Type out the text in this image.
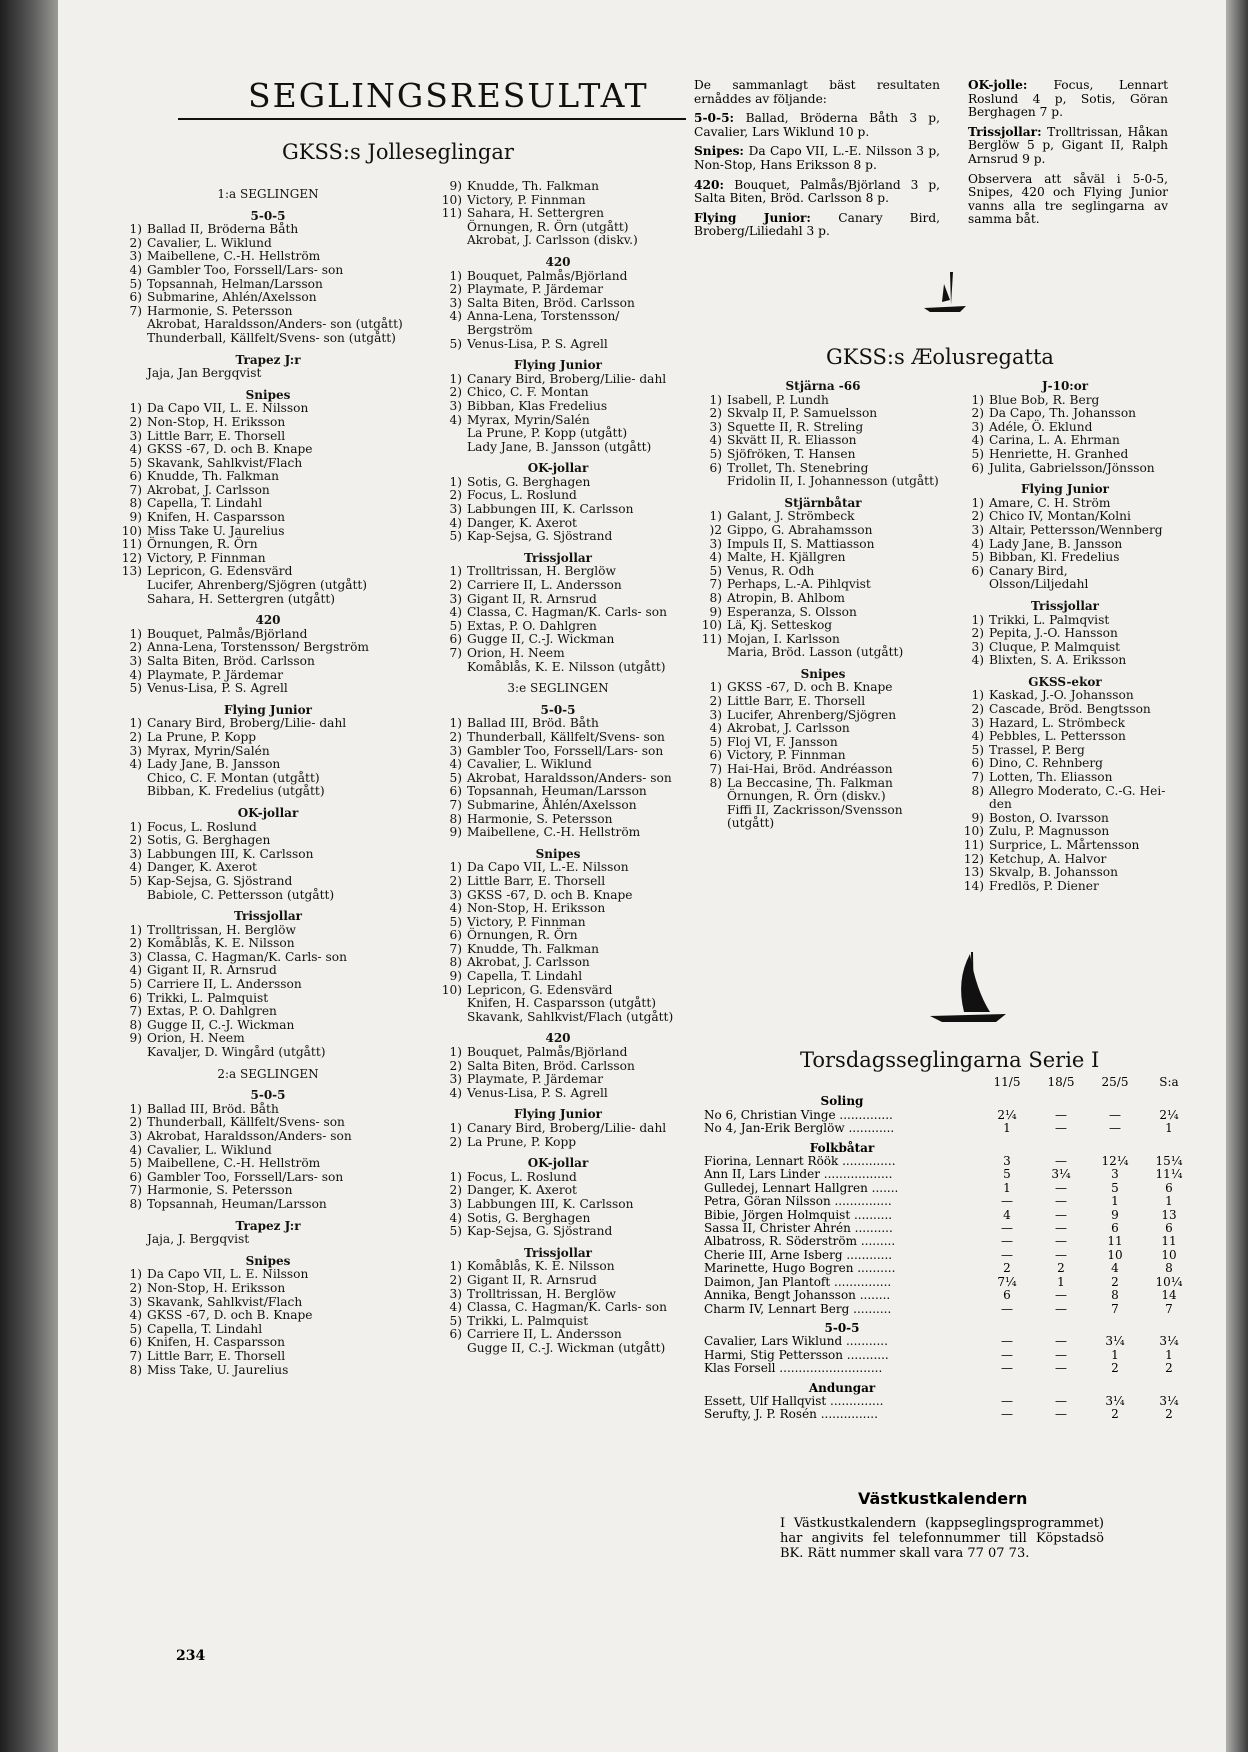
SEGLINGSRESULTAT
GKSS:s Jolleseglingar
1:a SEGLINGEN
5-0-5
1) Ballad II, Bröderna Båth
2) Cavalier, L. Wiklund
3) Maibellene, C.-H. Hellström
4) Gambler Too, Forssell/Lars- son
5) Topsannah, Helman/Larsson
6) Submarine, Ahlén/Axelsson
7) Harmonie, S. Petersson
Akrobat, Haraldsson/Anders- son (utgått)
Thunderball, Källfelt/Svens- son (utgått)
Trapez J:r
Jaja, Jan Bergqvist
Snipes
1) Da Capo VII, L. E. Nilsson
2) Non-Stop, H. Eriksson
3) Little Barr, E. Thorsell
4) GKSS -67, D. och B. Knape
5) Skavank, Sahlkvist/Flach
6) Knudde, Th. Falkman
7) Akrobat, J. Carlsson
8) Capella, T. Lindahl
9) Knifen, H. Casparsson
10) Miss Take U. Jaurelius
11) Örnungen, R. Örn
12) Victory, P. Finnman
13) Lepricon, G. Edensvärd
Lucifer, Ahrenberg/Sjögren (utgått)
Sahara, H. Settergren (utgått)
420
1) Bouquet, Palmås/Björland
2) Anna-Lena, Torstensson/ Bergström
3) Salta Biten, Bröd. Carlsson
4) Playmate, P. Järdemar
5) Venus-Lisa, P. S. Agrell
Flying Junior
1) Canary Bird, Broberg/Lilie- dahl
2) La Prune, P. Kopp
3) Myrax, Myrin/Salén
4) Lady Jane, B. Jansson
Chico, C. F. Montan (utgått)
Bibban, K. Fredelius (utgått)
OK-jollar
1) Focus, L. Roslund
2) Sotis, G. Berghagen
3) Labbungen III, K. Carlsson
4) Danger, K. Axerot
5) Kap-Sejsa, G. Sjöstrand
Babiole, C. Pettersson (utgått)
Trissjollar
1) Trolltrissan, H. Berglöw
2) Komåblås, K. E. Nilsson
3) Classa, C. Hagman/K. Carls- son
4) Gigant II, R. Arnsrud
5) Carriere II, L. Andersson
6) Trikki, L. Palmquist
7) Extas, P. O. Dahlgren
8) Gugge II, C.-J. Wickman
9) Orion, H. Neem
Kavaljer, D. Wingård (utgått)
2:a SEGLINGEN
5-0-5
1) Ballad III, Bröd. Båth
2) Thunderball, Källfelt/Svens- son
3) Akrobat, Haraldsson/Anders- son
4) Cavalier, L. Wiklund
5) Maibellene, C.-H. Hellström
6) Gambler Too, Forssell/Lars- son
7) Harmonie, S. Petersson
8) Topsannah, Heuman/Larsson
Trapez J:r
Jaja, J. Bergqvist
Snipes
1) Da Capo VII, L. E. Nilsson
2) Non-Stop, H. Eriksson
3) Skavank, Sahlkvist/Flach
4) GKSS -67, D. och B. Knape
5) Capella, T. Lindahl
6) Knifen, H. Casparsson
7) Little Barr, E. Thorsell
8) Miss Take, U. Jaurelius
9) Knudde, Th. Falkman
10) Victory, P. Finnman
11) Sahara, H. Settergren
Örnungen, R. Örn (utgått)
Akrobat, J. Carlsson (diskv.)
420
1) Bouquet, Palmås/Björland
2) Playmate, P. Järdemar
3) Salta Biten, Bröd. Carlsson
4) Anna-Lena, Torstensson/ Bergström
5) Venus-Lisa, P. S. Agrell
Flying Junior
1) Canary Bird, Broberg/Lilie- dahl
2) Chico, C. F. Montan
3) Bibban, Klas Fredelius
4) Myrax, Myrin/Salén
La Prune, P. Kopp (utgått)
Lady Jane, B. Jansson (utgått)
OK-jollar
1) Sotis, G. Berghagen
2) Focus, L. Roslund
3) Labbungen III, K. Carlsson
4) Danger, K. Axerot
5) Kap-Sejsa, G. Sjöstrand
Trissjollar
1) Trolltrissan, H. Berglöw
2) Carriere II, L. Andersson
3) Gigant II, R. Arnsrud
4) Classa, C. Hagman/K. Carls- son
5) Extas, P. O. Dahlgren
6) Gugge II, C.-J. Wickman
7) Orion, H. Neem
Komåblås, K. E. Nilsson (utgått)
3:e SEGLINGEN
5-0-5
1) Ballad III, Bröd. Båth
2) Thunderball, Källfelt/Svens- son
3) Gambler Too, Forssell/Lars- son
4) Cavalier, L. Wiklund
5) Akrobat, Haraldsson/Anders- son
6) Topsannah, Heuman/Larsson
7) Submarine, Åhlén/Axelsson
8) Harmonie, S. Petersson
9) Maibellene, C.-H. Hellström
Snipes
1) Da Capo VII, L.-E. Nilsson
2) Little Barr, E. Thorsell
3) GKSS -67, D. och B. Knape
4) Non-Stop, H. Eriksson
5) Victory, P. Finnman
6) Örnungen, R. Örn
7) Knudde, Th. Falkman
8) Akrobat, J. Carlsson
9) Capella, T. Lindahl
10) Lepricon, G. Edensvärd
Knifen, H. Casparsson (utgått)
Skavank, Sahlkvist/Flach (utgått)
420
1) Bouquet, Palmås/Björland
2) Salta Biten, Bröd. Carlsson
3) Playmate, P. Järdemar
4) Venus-Lisa, P. S. Agrell
Flying Junior
1) Canary Bird, Broberg/Lilie- dahl
2) La Prune, P. Kopp
OK-jollar
1) Focus, L. Roslund
2) Danger, K. Axerot
3) Labbungen III, K. Carlsson
4) Sotis, G. Berghagen
5) Kap-Sejsa, G. Sjöstrand
Trissjollar
1) Komåblås, K. E. Nilsson
2) Gigant II, R. Arnsrud
3) Trolltrissan, H. Berglöw
4) Classa, C. Hagman/K. Carls- son
5) Trikki, L. Palmquist
6) Carriere II, L. Andersson
Gugge II, C.-J. Wickman (utgått)
De sammanlagt bäst resultaten ernåddes av följande:
5-0-5: Ballad, Bröderna Båth 3 p, Cavalier, Lars Wiklund 10 p.
Snipes: Da Capo VII, L.-E. Nilsson 3 p, Non-Stop, Hans Eriksson 8 p.
420: Bouquet, Palmås/Björland 3 p, Salta Biten, Bröd. Carlsson 8 p.
Flying Junior: Canary Bird, Broberg/Liliedahl 3 p.
OK-jolle: Focus, Lennart Roslund 4 p, Sotis, Göran Berghagen 7 p.
Trissjollar: Trolltrissan, Håkan Berglöw 5 p, Gigant II, Ralph Arnsrud 9 p.
Observera att såväl i 5-0-5, Snipes, 420 och Flying Junior vanns alla tre seglingarna av samma båt.
GKSS:s Æolusregatta
Stjärna -66
1) Isabell, P. Lundh
2) Skvalp II, P. Samuelsson
3) Squette II, R. Streling
4) Skvätt II, R. Eliasson
5) Sjöfröken, T. Hansen
6) Trollet, Th. Stenebring
Fridolin II, I. Johannesson (utgått)
Stjärnbåtar
1) Galant, J. Strömbeck
)2 Gippo, G. Abrahamsson
3) Impuls II, S. Mattiasson
4) Malte, H. Kjällgren
5) Venus, R. Odh
7) Perhaps, L.-A. Pihlqvist
8) Atropin, B. Ahlbom
9) Esperanza, S. Olsson
10) Lä, Kj. Setteskog
11) Mojan, I. Karlsson
Maria, Bröd. Lasson (utgått)
Snipes
1) GKSS -67, D. och B. Knape
2) Little Barr, E. Thorsell
3) Lucifer, Ahrenberg/Sjögren
4) Akrobat, J. Carlsson
5) Floj VI, F. Jansson
6) Victory, P. Finnman
7) Hai-Hai, Bröd. Andréasson
8) La Beccasine, Th. Falkman
Örnungen, R. Örn (diskv.)
Fiffi II, Zackrisson/Svensson (utgått)
J-10:or
1) Blue Bob, R. Berg
2) Da Capo, Th. Johansson
3) Adéle, Ö. Eklund
4) Carina, L. A. Ehrman
5) Henriette, H. Granhed
6) Julita, Gabrielsson/Jönsson
Flying Junior
1) Amare, C. H. Ström
2) Chico IV, Montan/Kolni
3) Altair, Pettersson/Wennberg
4) Lady Jane, B. Jansson
5) Bibban, Kl. Fredelius
6) Canary Bird, Olsson/Liljedahl
Trissjollar
1) Trikki, L. Palmqvist
2) Pepita, J.-O. Hansson
3) Cluque, P. Malmquist
4) Blixten, S. A. Eriksson
GKSS-ekor
1) Kaskad, J.-O. Johansson
2) Cascade, Bröd. Bengtsson
3) Hazard, L. Strömbeck
4) Pebbles, L. Pettersson
5) Trassel, P. Berg
6) Dino, C. Rehnberg
7) Lotten, Th. Eliasson
8) Allegro Moderato, C.-G. Hei- den
9) Boston, O. Ivarsson
10) Zulu, P. Magnusson
11) Surprice, L. Mårtensson
12) Ketchup, A. Halvor
13) Skvalp, B. Johansson
14) Fredlös, P. Diener
Torsdagsseglingarna Serie I
11/5	18/5	25/5	S:a
Soling
No 6, Christian Vinge ..............	2¼	—	—	2¼
No 4, Jan-Erik Berglöw ............	1	—	—	1
Folkbåtar
Fiorina, Lennart Röök ..............	3	—	12¼	15¼
Ann II, Lars Linder ..................	5	3¼	3	11¼
Gulledej, Lennart Hallgren .......	1	—	5	6
Petra, Göran Nilsson ...............	—	—	1	1
Bibie, Jörgen Holmquist ..........	4	—	9	13
Sassa II, Christer Ahrén ..........	—	—	6	6
Albatross, R. Söderström .........	—	—	11	11
Cherie III, Arne Isberg ............	—	—	10	10
Marinette, Hugo Bogren ..........	2	2	4	8
Daimon, Jan Plantoft ...............	7¼	1	2	10¼
Annika, Bengt Johansson ........	6	—	8	14
Charm IV, Lennart Berg ..........	—	—	7	7
5-0-5
Cavalier, Lars Wiklund ...........	—	—	3¼	3¼
Harmi, Stig Pettersson ...........	—	—	1	1
Klas Forsell ...........................	—	—	2	2
Andungar
Essett, Ulf Hallqvist ..............	—	—	3¼	3¼
Serufty, J. P. Rosén ...............	—	—	2	2
Västkustkalendern
I Västkustkalendern (kappseglingsprogrammet) har angivits fel telefonnummer till Köpstadsö BK. Rätt nummer skall vara 77 07 73.
234
